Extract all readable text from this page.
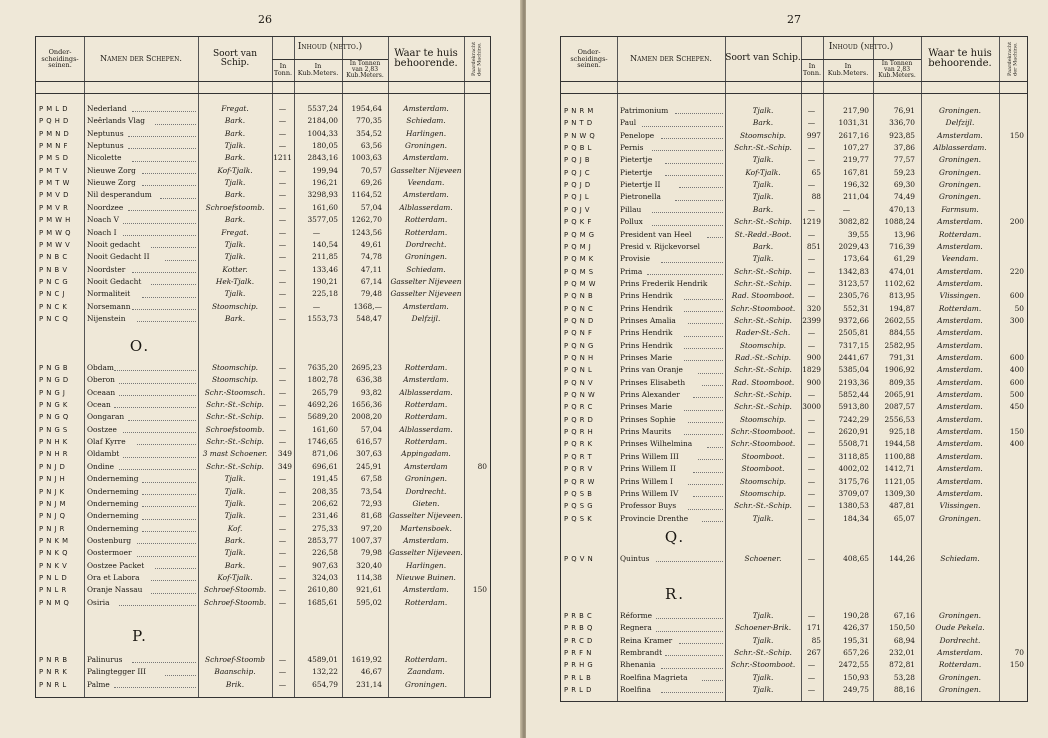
26
Onder-
scheidings-
seinen.
Namen der Schepen.	Soort van Schip.
Inhoud (netto.)
In
Tonn.
In
Kub.Meters.
In Tonnen
van 2,83
Kub.Meters.
Waar te huis
behoorende.	Paardekracht der Machine.
P M L D	Nederland	Fregat.	—	5537,24	1954,64	Amsterdam.
P Q H D	Neêrlands Vlag	Bark.	—	2184,00	770,35	Schiedam.
P M N D	Neptunus	Bark.	—	1004,33	354,52	Harlingen.
P M N F	Neptunus	Tjalk.	—	180,05	63,56	Groningen.
P M S D	Nicolette	Bark.	1211	2843,16	1003,63	Amsterdam.
P M T V	Nieuwe Zorg	Kof-Tjalk.	—	199,94	70,57 Gasselter Nijeveen
P M T W	Nieuwe Zorg	Tjalk.	—	196,21	69,26	Veendam.
P M V D	Nil desperandum	Bark.	—	3298,93	1164,52	Amsterdam.
P M V R	Noordzee	Schroefstoomb.	—	161,60	57,04	Alblasserdam.
P M W H	Noach V	Bark.	—	3577,05	1262,70	Rotterdam.
P M W Q	Noach I	Fregat.	—	—	1243,56	Rotterdam.
P M W V	Nooit gedacht	Tjalk.	—	140,54	49,61	Dordrecht.
P N B C	Nooit Gedacht II	Tjalk.	—	211,85	74,78	Groningen.
P N B V	Noordster	Kotter.	—	133,46	47,11	Schiedam.
P N C G	Nooit Gedacht	Hek-Tjalk.	—	190,21	67,14 Gasselter Nijeveen
P N C J	Normaliteit	Tjalk.	—	225,18	79,48 Gasselter Nijeveen
P N C K	Norsemann	Stoomschip.	—	—	1368,—	Amsterdam.
P N C Q	Nijenstein	Bark.	—	1553,73	548,47	Delfzijl.
P N G B	Obdam	Stoomschip.	—	7635,20	2695,23	Rotterdam.
P N G D	Oberon	Stoomschip.	—	1802,78	636,38	Amsterdam.
P N G J	Oceaan	Schr.-Stoomsch.	—	265,79	93,82	Alblasserdam.
P N G K	Ocean	Schr.-St.-Schip.	—	4692,26	1656,36	Rotterdam.
P N G Q	Oongaran	Schr.-St.-Schip.	—	5689,20	2008,20	Rotterdam.
P N G S	Oostzee	Schroefstoomb.	—	161,60	57,04	Alblasserdam.
P N H K	Olaf Kyrre	Schr.-St.-Schip.	—	1746,65	616,57	Rotterdam.
P N H R	Oldambt	3 mast Schoener.	349	871,06	307,63	Appingadam.
P N J D	Ondine	Schr.-St.-Schip.	349	696,61	245,91	Amsterdam	80
P N J H	Onderneming	Tjalk.	—	191,45	67,58	Groningen.
P N J K	Onderneming	Tjalk.	—	208,35	73,54	Dordrecht.
P N J M	Onderneming	Tjalk.	—	206,62	72,93	Gieten.
P N J Q	Onderneming	Tjalk.	—	231,46	81,68 Gasselter Nijeveen.
P N J R	Onderneming	Kof.	—	275,33	97,20	Martensboek.
P N K M	Oostenburg	Bark.	—	2853,77	1007,37	Amsterdam.
P N K Q	Oostermoer	Tjalk.	—	226,58	79,98 Gasselter Nijeveen.
P N K V	Oostzee Packet	Bark.	—	907,63	320,40	Harlingen.
P N L D	Ora et Labora	Kof-Tjalk.	—	324,03	114,38	Nieuwe Buinen.
P N L R	Oranje Nassau	Schroef-Stoomb.	—	2610,80	921,61	Amsterdam.	150
P N M Q	Osiria	Schroef-Stoomb.	—	1685,61	595,02	Rotterdam.
P N R B	Palinurus	Schroef-Stoomb	—	4589,01	1619,92	Rotterdam.
P N R K	Palingtegger III	Baanschip.	—	132,22	46,67	Zaandam.
P N R L	Palme	Brik.	—	654,79	231,14	Groningen.
O.
P.
27
Onder-
scheidings-
seinen.
Namen der Schepen.	Soort van Schip.
Inhoud (netto.)
In
Tonn.
In
Kub.Meters.
In Tonnen
van 2,83
Kub.Meters.
Waar te huis
behoorende.	Paardekracht der Machine.
P N R M	Patrimonium	Tjalk.	—	217,90	76,91	Groningen.
P N T D	Paul	Bark.	—	1031,31	336,70	Delfzijl.
P N W Q	Penelope	Stoomschip.	997	2617,16	923,85	Amsterdam.	150
P Q B L	Pernis	Schr.-St.-Schip.	—	107,27	37,86	Alblasserdam.
P Q J B	Pietertje	Tjalk.	—	219,77	77,57	Groningen.
P Q J C	Pietertje	Kof-Tjalk.	65	167,81	59,23	Groningen.
P Q J D	Pietertje II	Tjalk.	—	196,32	69,30	Groningen.
P Q J L	Pietronella	Tjalk.	88	211,04	74,49	Groningen.
P Q J V	Pillau	Bark.	—	—	470,13	Farmsum.
P Q K F	Pollux	Schr.-St.-Schip.	1219	3082,82	1088,24	Amsterdam.	200
P Q M G	President van Heel	St.-Redd.-Boot.	—	39,55	13,96	Rotterdam.
P Q M J	Presid v. Rijckevorsel	Bark.	851	2029,43	716,39	Amsterdam.
P Q M K	Provisie	Tjalk.	—	173,64	61,29	Veendam.
P Q M S	Prima	Schr.-St.-Schip.	—	1342,83	474,01	Amsterdam.	220
P Q M W	Prins Frederik Hendrik	Schr.-St.-Schip.	—	3123,57	1102,62	Amsterdam.
P Q N B	Prins Hendrik	Rad. Stoomboot.	—	2305,76	813,95	Vlissingen.	600
P Q N C	Prins Hendrik	Schr.-Stoomboot.	320	552,31	194,87	Rotterdam.	50
P Q N D	Prinses Amalia	Schr.-St.-Schip.	2399	9372,66	2602,55	Amsterdam.	300
P Q N F	Prins Hendrik	Rader-St.-Sch.	—	2505,81	884,55	Amsterdam.
P Q N G	Prins Hendrik	Stoomschip.	—	7317,15	2582,95	Amsterdam.
P Q N H	Prinses Marie	Rad.-St.-Schip.	900	2441,67	791,31	Amsterdam.	600
P Q N L	Prins van Oranje	Schr.-St.-Schip.	1829	5385,04	1906,92	Amsterdam.	400
P Q N V	Prinses Elisabeth	Rad. Stoomboot.	900	2193,36	809,35	Amsterdam.	600
P Q N W	Prins Alexander	Schr.-St.-Schip.	—	5852,44	2065,91	Amsterdam.	500
P Q R C	Prinses Marie	Schr.-St.-Schip.	3000	5913,80	2087,57	Amsterdam.	450
P Q R D	Prinses Sophie	Stoomschip.	—	7242,29	2556,53	Amsterdam.
P Q R H	Prins Maurits	Schr.-Stoomboot.	—	2620,91	925,18	Amsterdam.	150
P Q R K	Prinses Wilhelmina	Schr.-Stoomboot.	—	5508,71	1944,58	Amsterdam.	400
P Q R T	Prins Willem III	Stoomboot.	—	3118,85	1100,88	Amsterdam.
P Q R V	Prins Willem II	Stoomboot.	—	4002,02	1412,71	Amsterdam.
P Q R W	Prins Willem I	Stoomschip.	—	3175,76	1121,05	Amsterdam.
P Q S B	Prins Willem IV	Stoomschip.	—	3709,07	1309,30	Amsterdam.
P Q S G	Professor Buys	Schr.-St.-Schip.	—	1380,53	487,81	Vlissingen.
P Q S K	Provincie Drenthe	Tjalk.	—	184,34	65,07	Groningen.
P Q V N	Quintus	Schoener.	—	408,65	144,26	Schiedam.
P R B C	Réforme	Tjalk.	—	190,28	67,16	Groningen.
P R B Q	Regnera	Schoener-Brik.	171	426,37	150,50	Oude Pekela.
P R C D	Reina Kramer	Tjalk.	85	195,31	68,94	Dordrecht.
P R F N	Rembrandt	Schr.-St.-Schip.	267	657,26	232,01	Amsterdam.	70
P R H G	Rhenania	Schr.-Stoomboot.	—	2472,55	872,81	Rotterdam.	150
P R L B	Roelfina Magrieta	Tjalk.	—	150,93	53,28	Groningen.
P R L D	Roelfina	Tjalk.	—	249,75	88,16	Groningen.
Q.
R.
